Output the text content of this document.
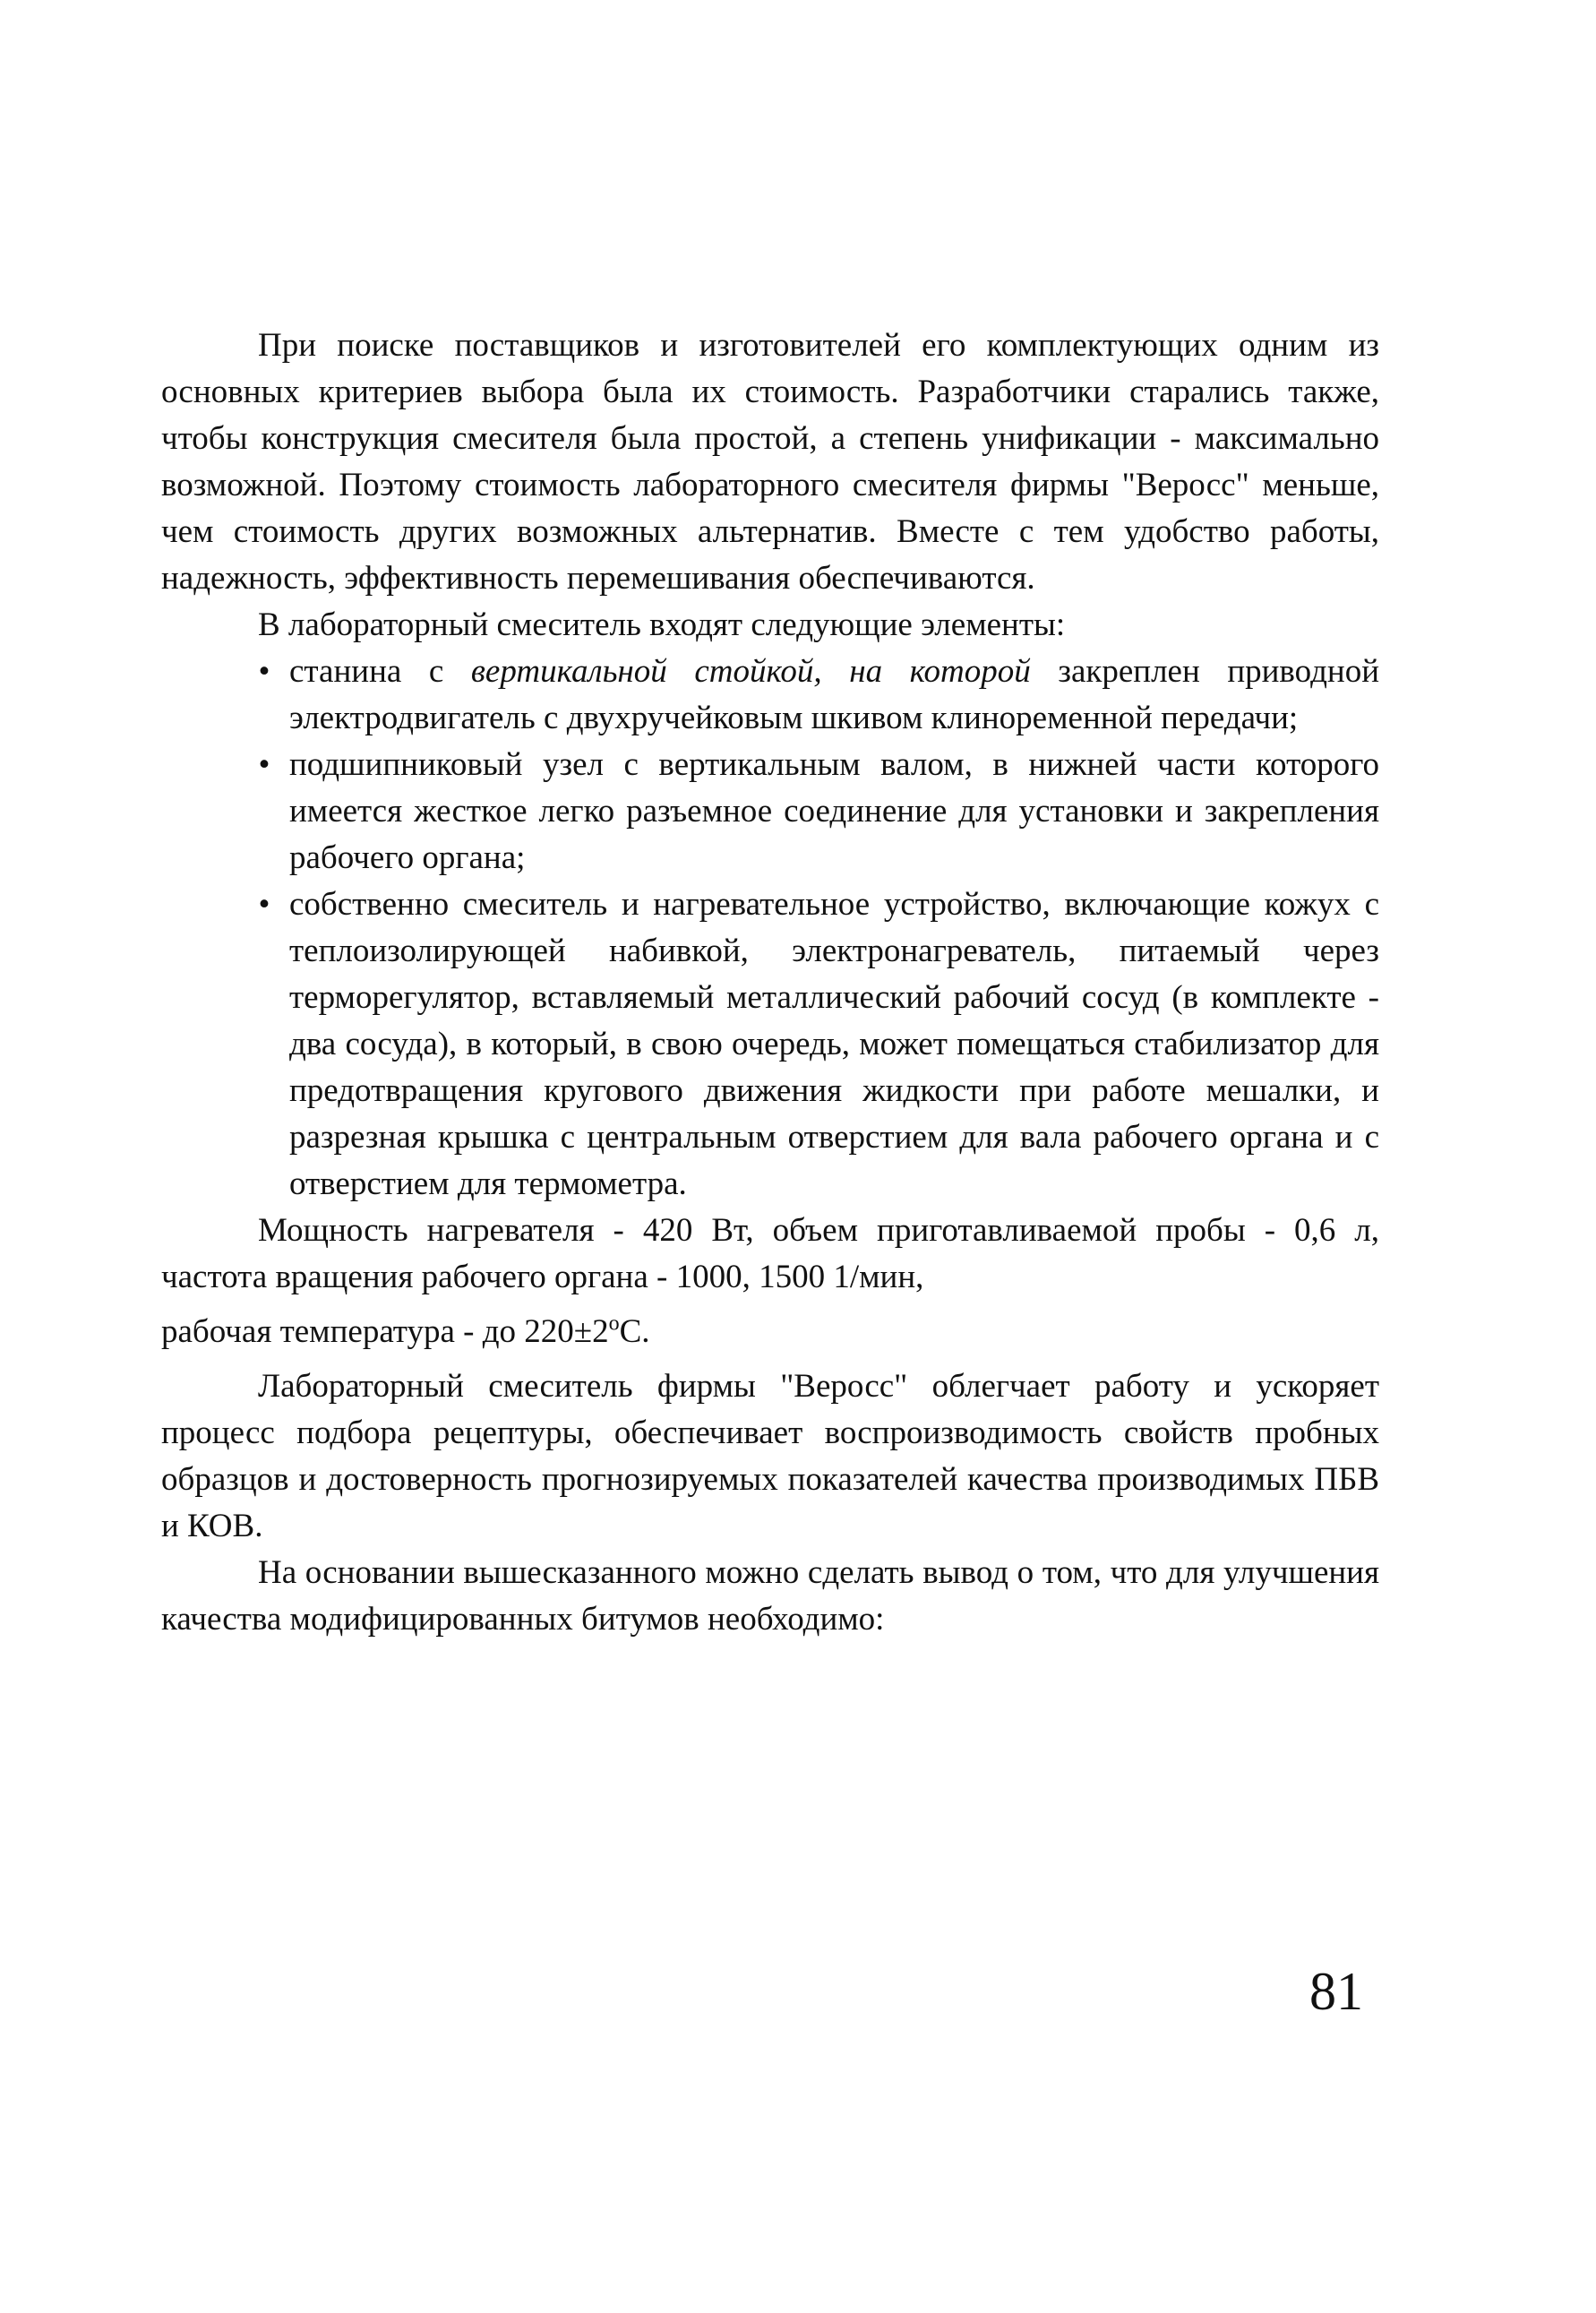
При поиске поставщиков и изготовителей его комплектующих одним из основных критериев выбора была их стоимость. Разработчики старались также, чтобы конструкция смесителя была простой, а степень унификации - максимально возможной. Поэтому стоимость лабораторного смесителя фирмы "Веросс" меньше, чем стоимость других возможных альтернатив. Вместе с тем удобство работы, надежность, эффективность перемешивания обеспечиваются.

В лабораторный смеситель входят следующие элементы:

• станина с вертикальной стойкой, на которой закреплен приводной электродвигатель с двухручейковым шкивом клиноременной передачи;
• подшипниковый узел с вертикальным валом, в нижней части которого имеется жесткое легко разъемное соединение для установки и закрепления рабочего органа;
• собственно смеситель и нагревательное устройство, включающие кожух с теплоизолирующей набивкой, электронагреватель, питаемый через терморегулятор, вставляемый металлический рабочий сосуд (в комплекте - два сосуда), в который, в свою очередь, может помещаться стабилизатор для предотвращения кругового движения жидкости при работе мешалки, и разрезная крышка с центральным отверстием для вала рабочего органа и с отверстием для термометра.

Мощность нагревателя - 420 Вт, объем приготавливаемой пробы - 0,6 л, частота вращения рабочего органа - 1000, 1500 1/мин,

рабочая температура - до $220\pm 2^oС$.

Лабораторный смеситель фирмы "Веросс" облегчает работу и ускоряет процесс подбора рецептуры, обеспечивает воспроизводимость свойств пробных образцов и достоверность прогнозируемых показателей качества производимых ПБВ и КОВ.

На основании вышесказанного можно сделать вывод о том, что для улучшения качества модифицированных битумов необходимо:

81
